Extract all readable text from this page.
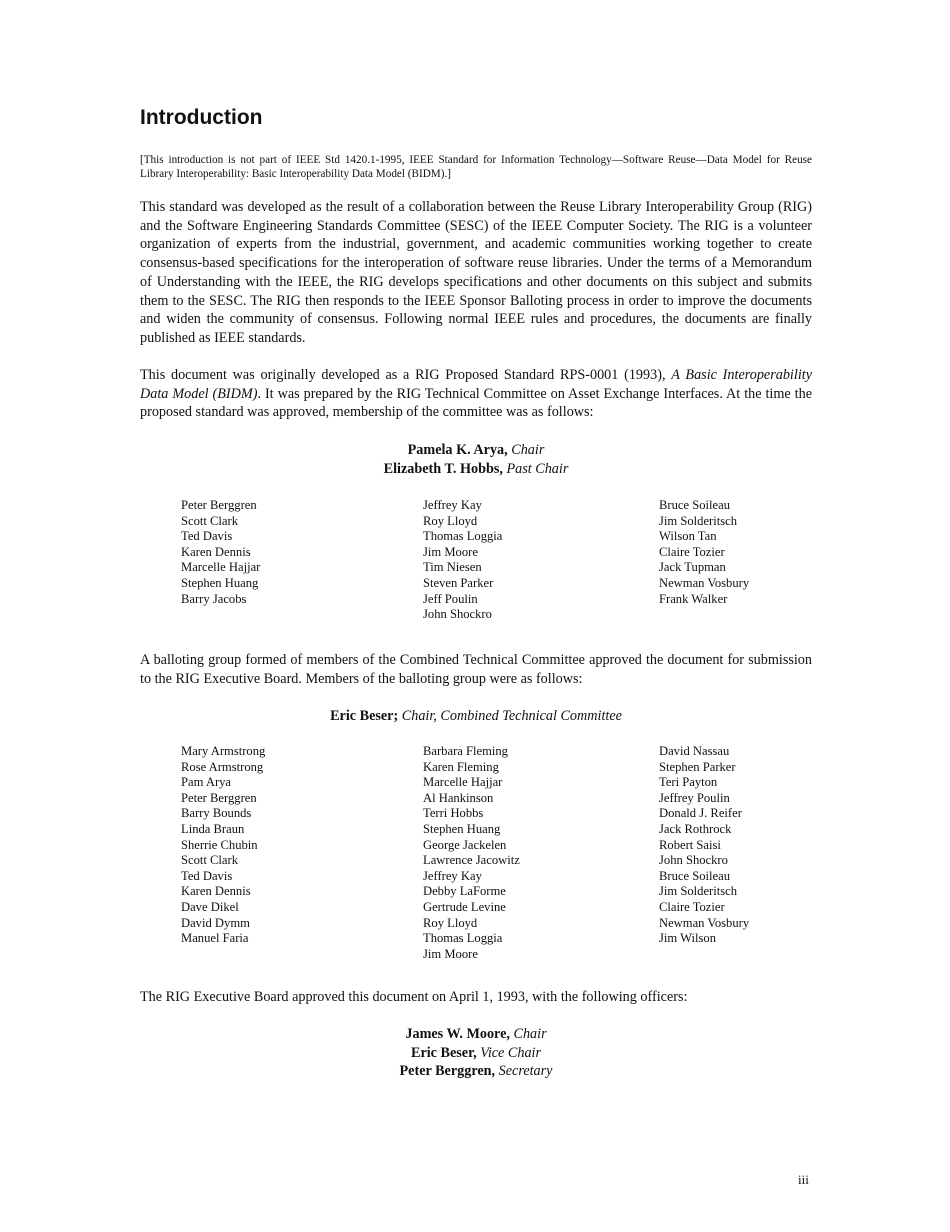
Introduction

[This introduction is not part of IEEE Std 1420.1-1995, IEEE Standard for Information Technology—Software Reuse—Data Model for Reuse Library Interoperability: Basic Interoperability Data Model (BIDM).]

This standard was developed as the result of a collaboration between the Reuse Library Interoperability Group (RIG) and the Software Engineering Standards Committee (SESC) of the IEEE Computer Society. The RIG is a volunteer organization of experts from the industrial, government, and academic communities working together to create consensus-based specifications for the interoperation of software reuse libraries. Under the terms of a Memorandum of Understanding with the IEEE, the RIG develops specifications and other documents on this subject and submits them to the SESC. The RIG then responds to the IEEE Sponsor Balloting process in order to improve the documents and widen the community of consensus. Following normal IEEE rules and procedures, the documents are finally published as IEEE standards.

This document was originally developed as a RIG Proposed Standard RPS-0001 (1993), A Basic Interoperability Data Model (BIDM). It was prepared by the RIG Technical Committee on Asset Exchange Interfaces. At the time the proposed standard was approved, membership of the committee was as follows:

Pamela K. Arya, Chair
Elizabeth T. Hobbs, Past Chair
Peter Berggren
Scott Clark
Ted Davis
Karen Dennis
Marcelle Hajjar
Stephen Huang
Barry Jacobs
Jeffrey Kay
Roy Lloyd
Thomas Loggia
Jim Moore
Tim Niesen
Steven Parker
Jeff Poulin
John Shockro
Bruce Soileau
Jim Solderitsch
Wilson Tan
Claire Tozier
Jack Tupman
Newman Vosbury
Frank Walker

A balloting group formed of members of the Combined Technical Committee approved the document for submission to the RIG Executive Board. Members of the balloting group were as follows:

Eric Beser; Chair, Combined Technical Committee
Mary Armstrong
Rose Armstrong
Pam Arya
Peter Berggren
Barry Bounds
Linda Braun
Sherrie Chubin
Scott Clark
Ted Davis
Karen Dennis
Dave Dikel
David Dymm
Manuel Faria
Barbara Fleming
Karen Fleming
Marcelle Hajjar
Al Hankinson
Terri Hobbs
Stephen Huang
George Jackelen
Lawrence Jacowitz
Jeffrey Kay
Debby LaForme
Gertrude Levine
Roy Lloyd
Thomas Loggia
Jim Moore
David Nassau
Stephen Parker
Teri Payton
Jeffrey Poulin
Donald J. Reifer
Jack Rothrock
Robert Saisi
John Shockro
Bruce Soileau
Jim Solderitsch
Claire Tozier
Newman Vosbury
Jim Wilson

The RIG Executive Board approved this document on April 1, 1993, with the following officers:

James W. Moore, Chair
Eric Beser, Vice Chair
Peter Berggren, Secretary
iii
